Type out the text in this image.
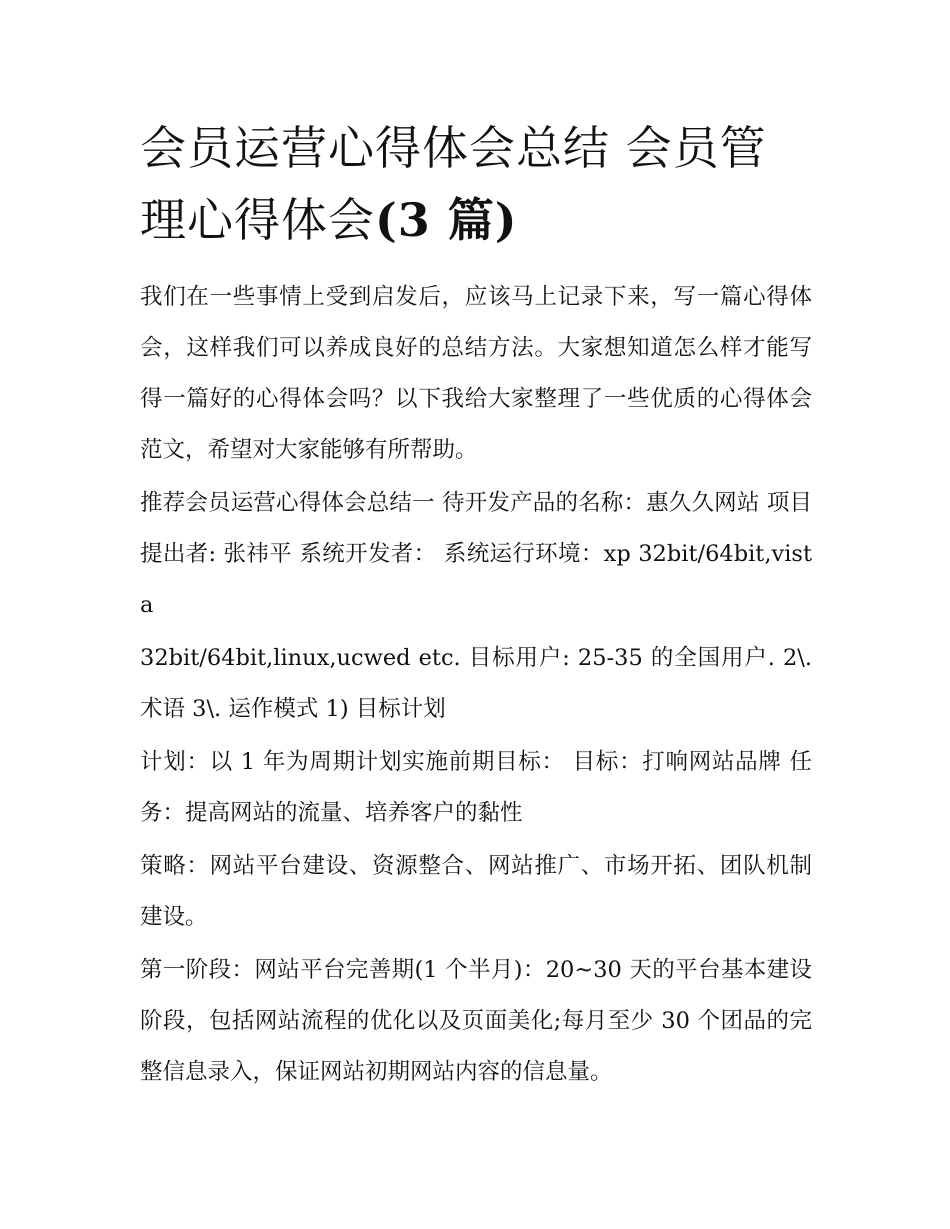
会员运营心得体会总结 会员管理心得体会(3 篇)

我们在一些事情上受到启发后，应该马上记录下来，写一篇心得体会，这样我们可以养成良好的总结方法。大家想知道怎么样才能写得一篇好的心得体会吗？以下我给大家整理了一些优质的心得体会范文，希望对大家能够有所帮助。

推荐会员运营心得体会总结一 待开发产品的名称：惠久久网站 项目提出者: 张祎平 系统开发者： 系统运行环境：xp 32bit/64bit,vista

32bit/64bit,linux,ucwed etc. 目标用户: 25-35 的全国用户. 2\. 术语 3\. 运作模式 1) 目标计划

计划：以 1 年为周期计划实施前期目标： 目标：打响网站品牌 任务：提高网站的流量、培养客户的黏性

策略：网站平台建设、资源整合、网站推广、市场开拓、团队机制建设。

第一阶段：网站平台完善期(1 个半月)：20~30 天的平台基本建设阶段，包括网站流程的优化以及页面美化;每月至少 30 个团品的完整信息录入，保证网站初期网站内容的信息量。
